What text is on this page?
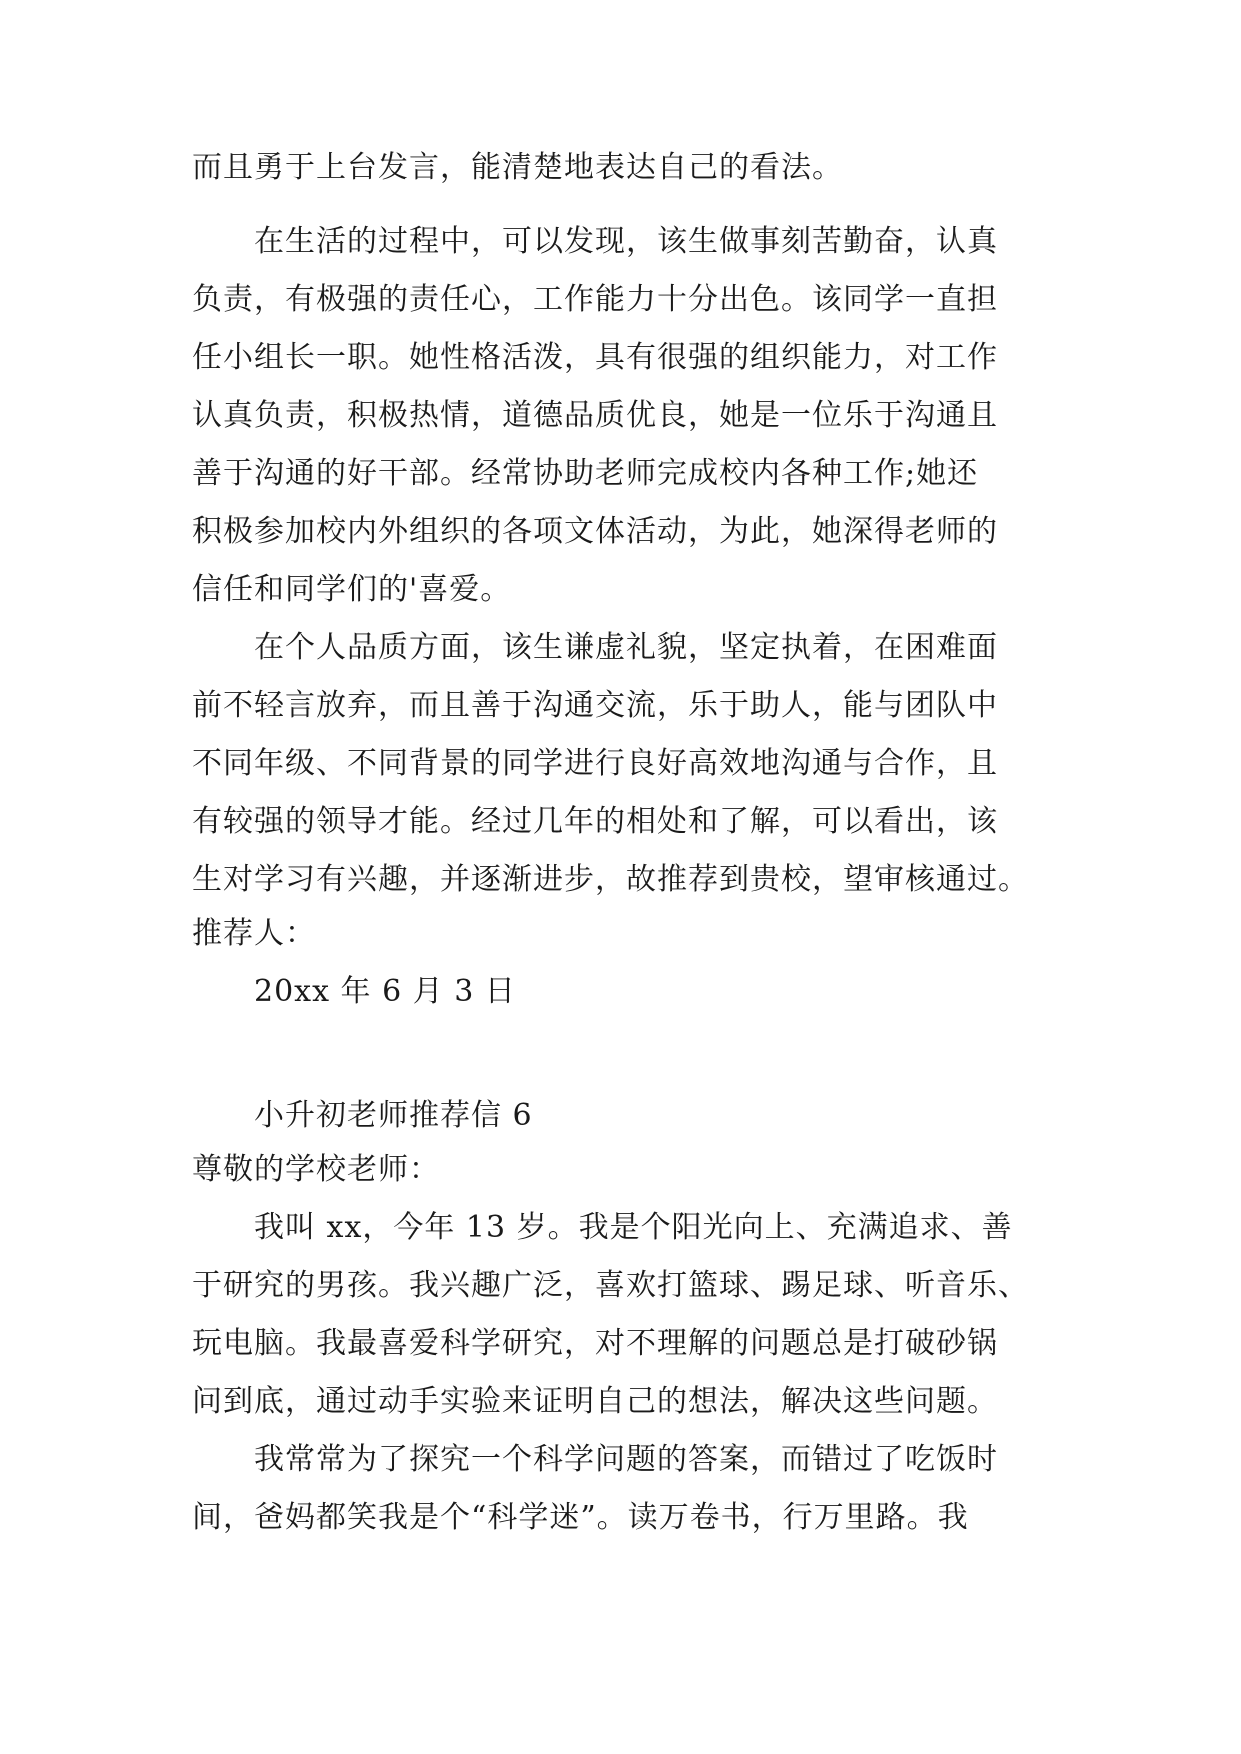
而且勇于上台发言，能清楚地表达自己的看法。
在生活的过程中，可以发现，该生做事刻苦勤奋，认真
负责，有极强的责任心，工作能力十分出色。该同学一直担
任小组长一职。她性格活泼，具有很强的组织能力，对工作
认真负责，积极热情，道德品质优良，她是一位乐于沟通且
善于沟通的好干部。经常协助老师完成校内各种工作;她还
积极参加校内外组织的各项文体活动，为此，她深得老师的
信任和同学们的'喜爱。
在个人品质方面，该生谦虚礼貌，坚定执着，在困难面
前不轻言放弃，而且善于沟通交流，乐于助人，能与团队中
不同年级、不同背景的同学进行良好高效地沟通与合作，且
有较强的领导才能。经过几年的相处和了解，可以看出，该
生对学习有兴趣，并逐渐进步，故推荐到贵校，望审核通过。
推荐人：
20xx 年 6 月 3 日
小升初老师推荐信 6
尊敬的学校老师：
我叫 xx，今年 13 岁。我是个阳光向上、充满追求、善
于研究的男孩。我兴趣广泛，喜欢打篮球、踢足球、听音乐、
玩电脑。我最喜爱科学研究，对不理解的问题总是打破砂锅
问到底，通过动手实验来证明自己的想法，解决这些问题。
我常常为了探究一个科学问题的答案，而错过了吃饭时
间，爸妈都笑我是个“科学迷”。读万卷书，行万里路。我
